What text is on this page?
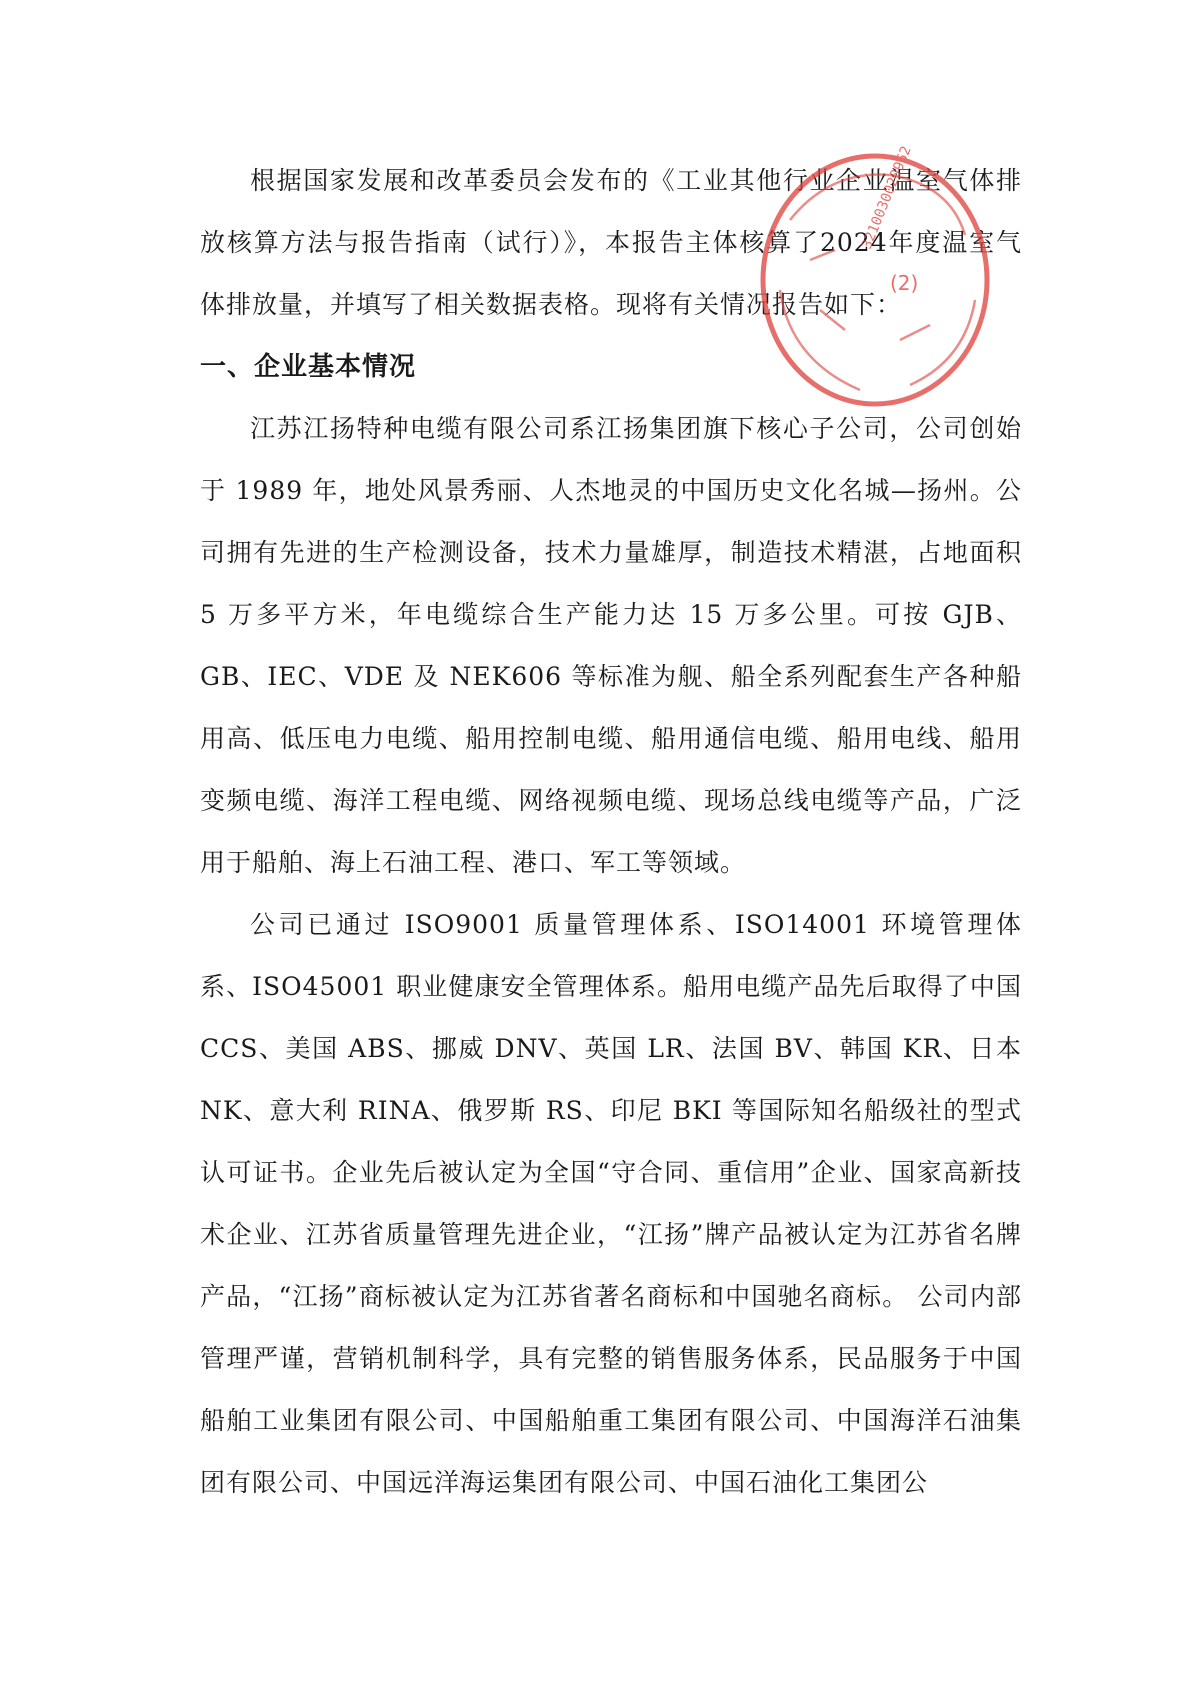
根据国家发展和改革委员会发布的《工业其他行业企业温室气体排放核算方法与报告指南（试行）》，本报告主体核算了2024年度温室气体排放量，并填写了相关数据表格。现将有关情况报告如下：

一、企业基本情况

江苏江扬特种电缆有限公司系江扬集团旗下核心子公司，公司创始于 1989 年，地处风景秀丽、人杰地灵的中国历史文化名城—扬州。公司拥有先进的生产检测设备，技术力量雄厚，制造技术精湛，占地面积 5 万多平方米，年电缆综合生产能力达 15 万多公里。可按 GJB、GB、IEC、VDE 及 NEK606 等标准为舰、船全系列配套生产各种船用高、低压电力电缆、船用控制电缆、船用通信电缆、船用电线、船用变频电缆、海洋工程电缆、网络视频电缆、现场总线电缆等产品，广泛用于船舶、海上石油工程、港口、军工等领域。

公司已通过 ISO9001 质量管理体系、ISO14001 环境管理体系、ISO45001 职业健康安全管理体系。船用电缆产品先后取得了中国 CCS、美国 ABS、挪威 DNV、英国 LR、法国 BV、韩国 KR、日本 NK、意大利 RINA、俄罗斯 RS、印尼 BKI 等国际知名船级社的型式认可证书。企业先后被认定为全国“守合同、重信用”企业、国家高新技术企业、江苏省质量管理先进企业，“江扬”牌产品被认定为江苏省名牌产品，“江扬”商标被认定为江苏省著名商标和中国驰名商标。 公司内部管理严谨，营销机制科学，具有完整的销售服务体系，民品服务于中国船舶工业集团有限公司、中国船舶重工集团有限公司、中国海洋石油集团有限公司、中国远洋海运集团有限公司、中国石油化工集团公

3210030020962
(2)
